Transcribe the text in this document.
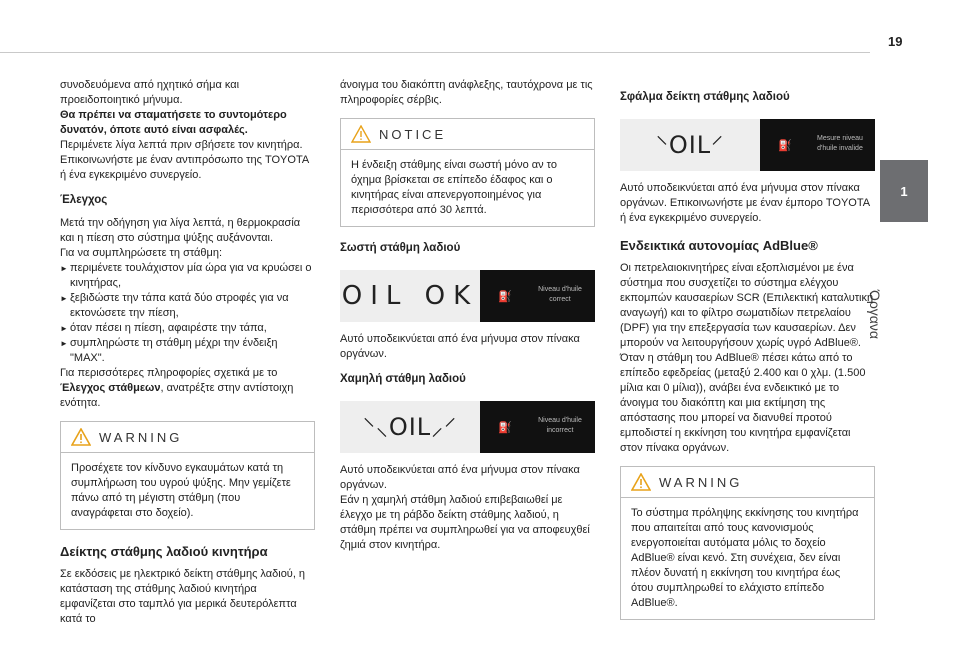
19
1
Όργανα

συνοδευόμενα από ηχητικό σήμα και προειδοποιητικό μήνυμα.

Θα πρέπει να σταματήσετε το συντομότερο δυνατόν, όποτε αυτό είναι ασφαλές.

Περιμένετε λίγα λεπτά πριν σβήσετε τον κινητήρα. Επικοινωνήστε με έναν αντιπρόσωπο της TOYOTA ή ένα εγκεκριμένο συνεργείο.

Έλεγχος

Μετά την οδήγηση για λίγα λεπτά, η θερμοκρασία και η πίεση στο σύστημα ψύξης αυξάνονται.

Για να συμπληρώσετε τη στάθμη:

► περιμένετε τουλάχιστον μία ώρα για να κρυώσει ο κινητήρας,

► ξεβιδώστε την τάπα κατά δύο στροφές για να εκτονώσετε την πίεση,

► όταν πέσει η πίεση, αφαιρέστε την τάπα,

► συμπληρώστε τη στάθμη μέχρι την ένδειξη "MAX".

Για περισσότερες πληροφορίες σχετικά με το Έλεγχος στάθμεων, ανατρέξτε στην αντίστοιχη ενότητα.

WARNING

Προσέχετε τον κίνδυνο εγκαυμάτων κατά τη συμπλήρωση του υγρού ψύξης. Μην γεμίζετε πάνω από τη μέγιστη στάθμη (που αναγράφεται στο δοχείο).

Δείκτης στάθμης λαδιού κινητήρα

Σε εκδόσεις με ηλεκτρικό δείκτη στάθμης λαδιού, η κατάσταση της στάθμης λαδιού κινητήρα εμφανίζεται στο ταμπλό για μερικά δευτερόλεπτα κατά το

άνοιγμα του διακόπτη ανάφλεξης, ταυτόχρονα με τις πληροφορίες σέρβις.

NOTICE

Η ένδειξη στάθμης είναι σωστή μόνο αν το όχημα βρίσκεται σε επίπεδο έδαφος και ο κινητήρας είναι απενεργοποιημένος για περισσότερα από 30 λεπτά.

Σωστή στάθμη λαδιού
OIL OK ⛽
Niveau d'huile correct

Αυτό υποδεικνύεται από ένα μήνυμα στον πίνακα οργάνων.

Χαμηλή στάθμη λαδιού
⸌⸜OIL⸝⸍	⛽
Niveau d'huile incorrect

Αυτό υποδεικνύεται από ένα μήνυμα στον πίνακα οργάνων.

Εάν η χαμηλή στάθμη λαδιού επιβεβαιωθεί με έλεγχο με τη ράβδο δείκτη στάθμης λαδιού, η στάθμη πρέπει να συμπληρωθεί για να αποφευχθεί ζημιά στον κινητήρα.

Σφάλμα δείκτη στάθμης λαδιού
⸌OIL⸍	⛽
Mesure niveau d'huile invalide

Αυτό υποδεικνύεται από ένα μήνυμα στον πίνακα οργάνων. Επικοινωνήστε με έναν έμπορο TOYOTA ή ένα εγκεκριμένο συνεργείο.

Ενδεικτικά αυτονομίας AdBlue®

Οι πετρελαιοκινητήρες είναι εξοπλισμένοι με ένα σύστημα που συσχετίζει το σύστημα ελέγχου εκπομπών καυσαερίων SCR (Επιλεκτική καταλυτική αναγωγή) και το φίλτρο σωματιδίων πετρελαίου (DPF) για την επεξεργασία των καυσαερίων. Δεν μπορούν να λειτουργήσουν χωρίς υγρό AdBlue®.

Όταν η στάθμη του AdBlue® πέσει κάτω από το επίπεδο εφεδρείας (μεταξύ 2.400 και 0 χλμ. (1.500 μίλια και 0 μίλια)), ανάβει ένα ενδεικτικό με το άνοιγμα του διακόπτη και μια εκτίμηση της απόστασης που μπορεί να διανυθεί προτού εμποδιστεί η εκκίνηση του κινητήρα εμφανίζεται στον πίνακα οργάνων.

WARNING

Το σύστημα πρόληψης εκκίνησης του κινητήρα που απαιτείται από τους κανονισμούς ενεργοποιείται αυτόματα μόλις το δοχείο AdBlue® είναι κενό. Στη συνέχεια, δεν είναι πλέον δυνατή η εκκίνηση του κινητήρα έως ότου συμπληρωθεί το ελάχιστο επίπεδο AdBlue®.
